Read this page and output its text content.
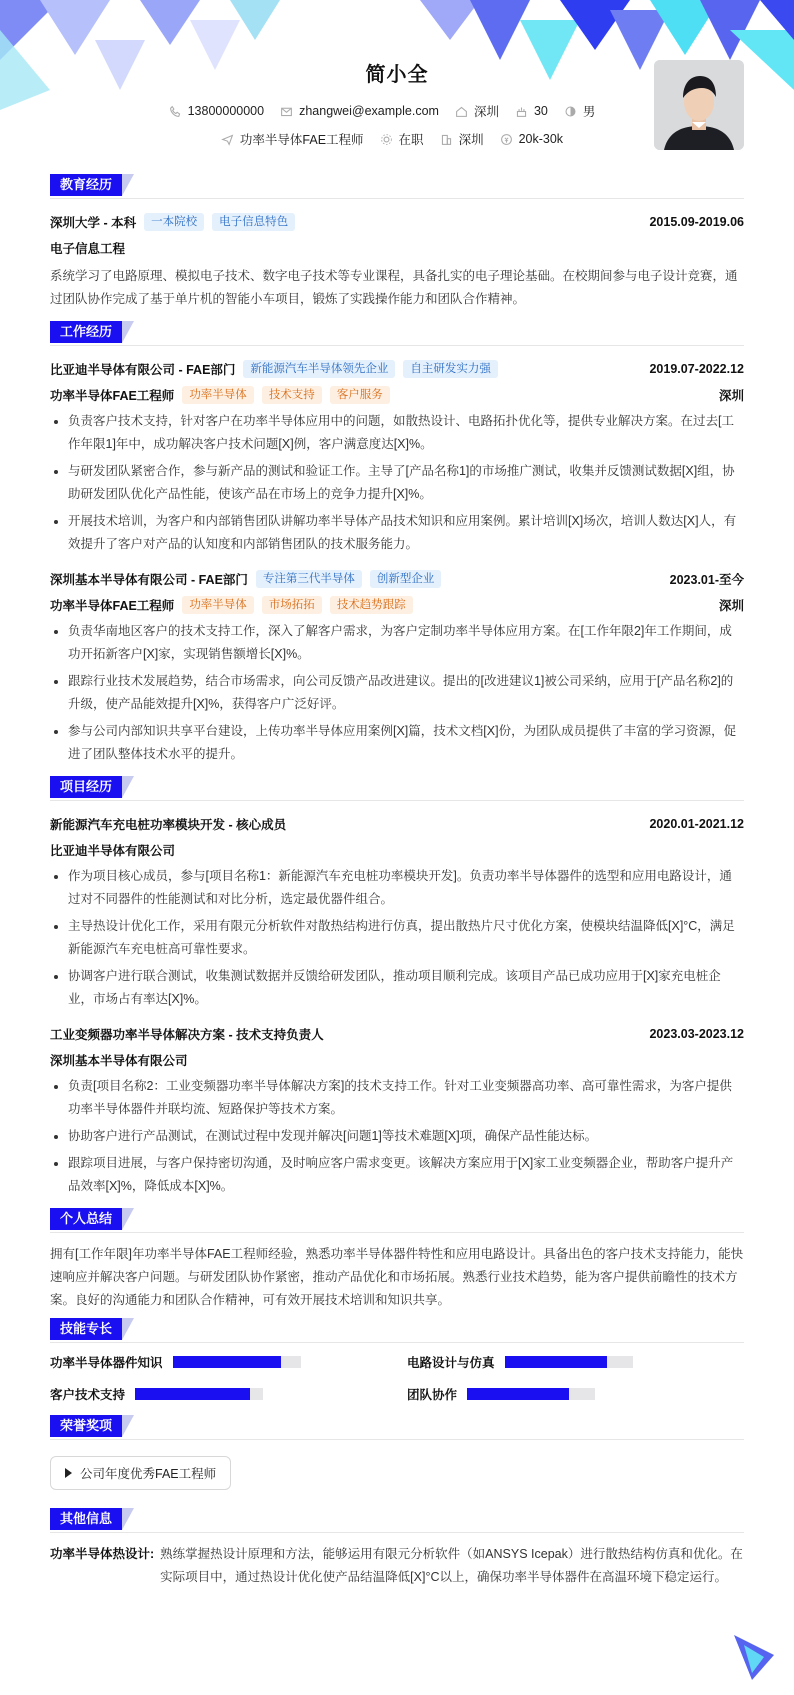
简小全
13800000000	zhangwei@example.com	深圳	30	男
功率半导体FAE工程师	在职	深圳	20k-30k
教育经历
深圳大学 - 本科	一本院校	电子信息特色	2015.09-2019.06
电子信息工程

系统学习了电路原理、模拟电子技术、数字电子技术等专业课程，具备扎实的电子理论基础。在校期间参与电子设计竞赛，通过团队协作完成了基于单片机的智能小车项目，锻炼了实践操作能力和团队合作精神。

工作经历
比亚迪半导体有限公司 - FAE部门	新能源汽车半导体领先企业	自主研发实力强	2019.07-2022.12
功率半导体FAE工程师	功率半导体	技术支持	客户服务	深圳
• 负责客户技术支持，针对客户在功率半导体应用中的问题，如散热设计、电路拓扑优化等，提供专业解决方案。在过去[工作年限1]年中，成功解决客户技术问题[X]例，客户满意度达[X]%。
• 与研发团队紧密合作，参与新产品的测试和验证工作。主导了[产品名称1]的市场推广测试，收集并反馈测试数据[X]组，协助研发团队优化产品性能，使该产品在市场上的竞争力提升[X]%。
• 开展技术培训，为客户和内部销售团队讲解功率半导体产品技术知识和应用案例。累计培训[X]场次，培训人数达[X]人，有效提升了客户对产品的认知度和内部销售团队的技术服务能力。
深圳基本半导体有限公司 - FAE部门	专注第三代半导体	创新型企业	2023.01-至今
功率半导体FAE工程师	功率半导体	市场拓拓	技术趋势跟踪	深圳
• 负责华南地区客户的技术支持工作，深入了解客户需求，为客户定制功率半导体应用方案。在[工作年限2]年工作期间，成功开拓新客户[X]家，实现销售额增长[X]%。
• 跟踪行业技术发展趋势，结合市场需求，向公司反馈产品改进建议。提出的[改进建议1]被公司采纳，应用于[产品名称2]的升级，使产品能效提升[X]%，获得客户广泛好评。
• 参与公司内部知识共享平台建设，上传功率半导体应用案例[X]篇，技术文档[X]份，为团队成员提供了丰富的学习资源，促进了团队整体技术水平的提升。
项目经历
新能源汽车充电桩功率模块开发 - 核心成员	2020.01-2021.12
比亚迪半导体有限公司
• 作为项目核心成员，参与[项目名称1：新能源汽车充电桩功率模块开发]。负责功率半导体器件的选型和应用电路设计，通过对不同器件的性能测试和对比分析，选定最优器件组合。
• 主导热设计优化工作，采用有限元分析软件对散热结构进行仿真，提出散热片尺寸优化方案，使模块结温降低[X]°C，满足新能源汽车充电桩高可靠性要求。
• 协调客户进行联合测试，收集测试数据并反馈给研发团队，推动项目顺利完成。该项目产品已成功应用于[X]家充电桩企业，市场占有率达[X]%。
工业变频器功率半导体解决方案 - 技术支持负责人	2023.03-2023.12
深圳基本半导体有限公司
• 负责[项目名称2：工业变频器功率半导体解决方案]的技术支持工作。针对工业变频器高功率、高可靠性需求，为客户提供功率半导体器件并联均流、短路保护等技术方案。
• 协助客户进行产品测试，在测试过程中发现并解决[问题1]等技术难题[X]项，确保产品性能达标。
• 跟踪项目进展，与客户保持密切沟通，及时响应客户需求变更。该解决方案应用于[X]家工业变频器企业，帮助客户提升产品效率[X]%，降低成本[X]%。
个人总结

拥有[工作年限]年功率半导体FAE工程师经验，熟悉功率半导体器件特性和应用电路设计。具备出色的客户技术支持能力，能快速响应并解决客户问题。与研发团队协作紧密，推动产品优化和市场拓展。熟悉行业技术趋势，能为客户提供前瞻性的技术方案。良好的沟通能力和团队合作精神，可有效开展技术培训和知识共享。

技能专长
功率半导体器件知识	电路设计与仿真
客户技术支持	团队协作
荣誉奖项
公司年度优秀FAE工程师
其他信息
功率半导体热设计: 熟练掌握热设计原理和方法，能够运用有限元分析软件（如ANSYS Icepak）进行散热结构仿真和优化。在实际项目中，通过热设计优化使产品结温降低[X]°C以上，确保功率半导体器件在高温环境下稳定运行。
